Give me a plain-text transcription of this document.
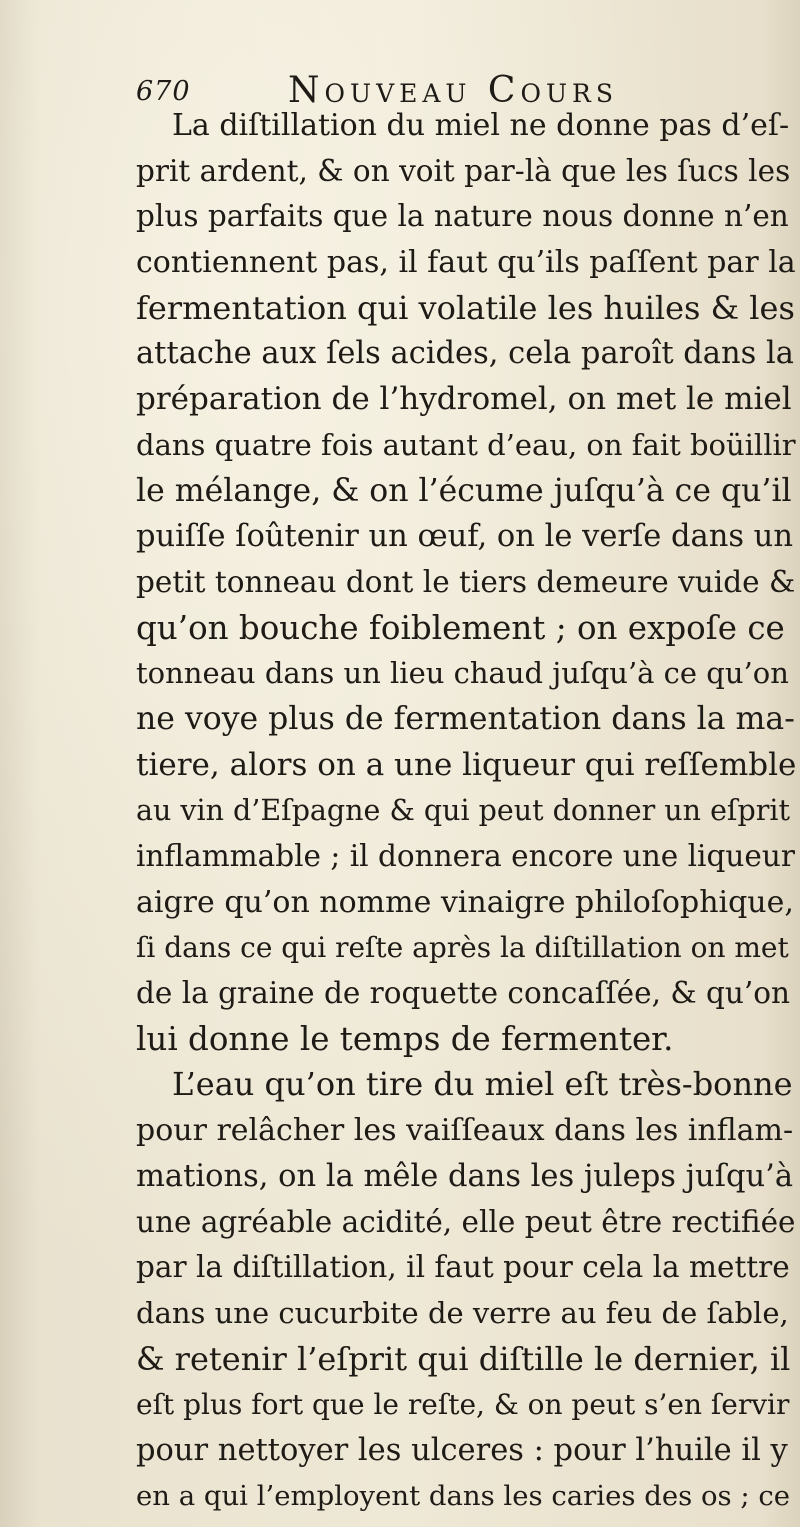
670	Nouveau Cours
La diſtillation du miel ne donne pas d’eſ-
prit ardent, & on voit par-là que les ſucs les
plus parfaits que la nature nous donne n’en
contiennent pas, il faut qu’ils paſſent par la
fermentation qui volatile les huiles & les
attache aux ſels acides, cela paroît dans la
préparation de l’hydromel, on met le miel
dans quatre fois autant d’eau, on fait boüillir
le mélange, & on l’écume juſqu’à ce qu’il
puiſſe ſoûtenir un œuf, on le verſe dans un
petit tonneau dont le tiers demeure vuide &
qu’on bouche foiblement ; on expoſe ce
tonneau dans un lieu chaud juſqu’à ce qu’on
ne voye plus de fermentation dans la ma-
tiere, alors on a une liqueur qui reſſemble
au vin d’Eſpagne & qui peut donner un eſprit
inflammable ; il donnera encore une liqueur
aigre qu’on nomme vinaigre philoſophique,
ſi dans ce qui reſte après la diſtillation on met
de la graine de roquette concaſſée, & qu’on
lui donne le temps de fermenter.
L’eau qu’on tire du miel eſt très-bonne
pour relâcher les vaiſſeaux dans les inflam-
mations, on la mêle dans les juleps juſqu’à
une agréable acidité, elle peut être rectifiée
par la diſtillation, il faut pour cela la mettre
dans une cucurbite de verre au feu de ſable,
& retenir l’eſprit qui diſtille le dernier, il
eſt plus fort que le reſte, & on peut s’en ſervir
pour nettoyer les ulceres : pour l’huile il y
en a qui l’employent dans les caries des os ; ce
